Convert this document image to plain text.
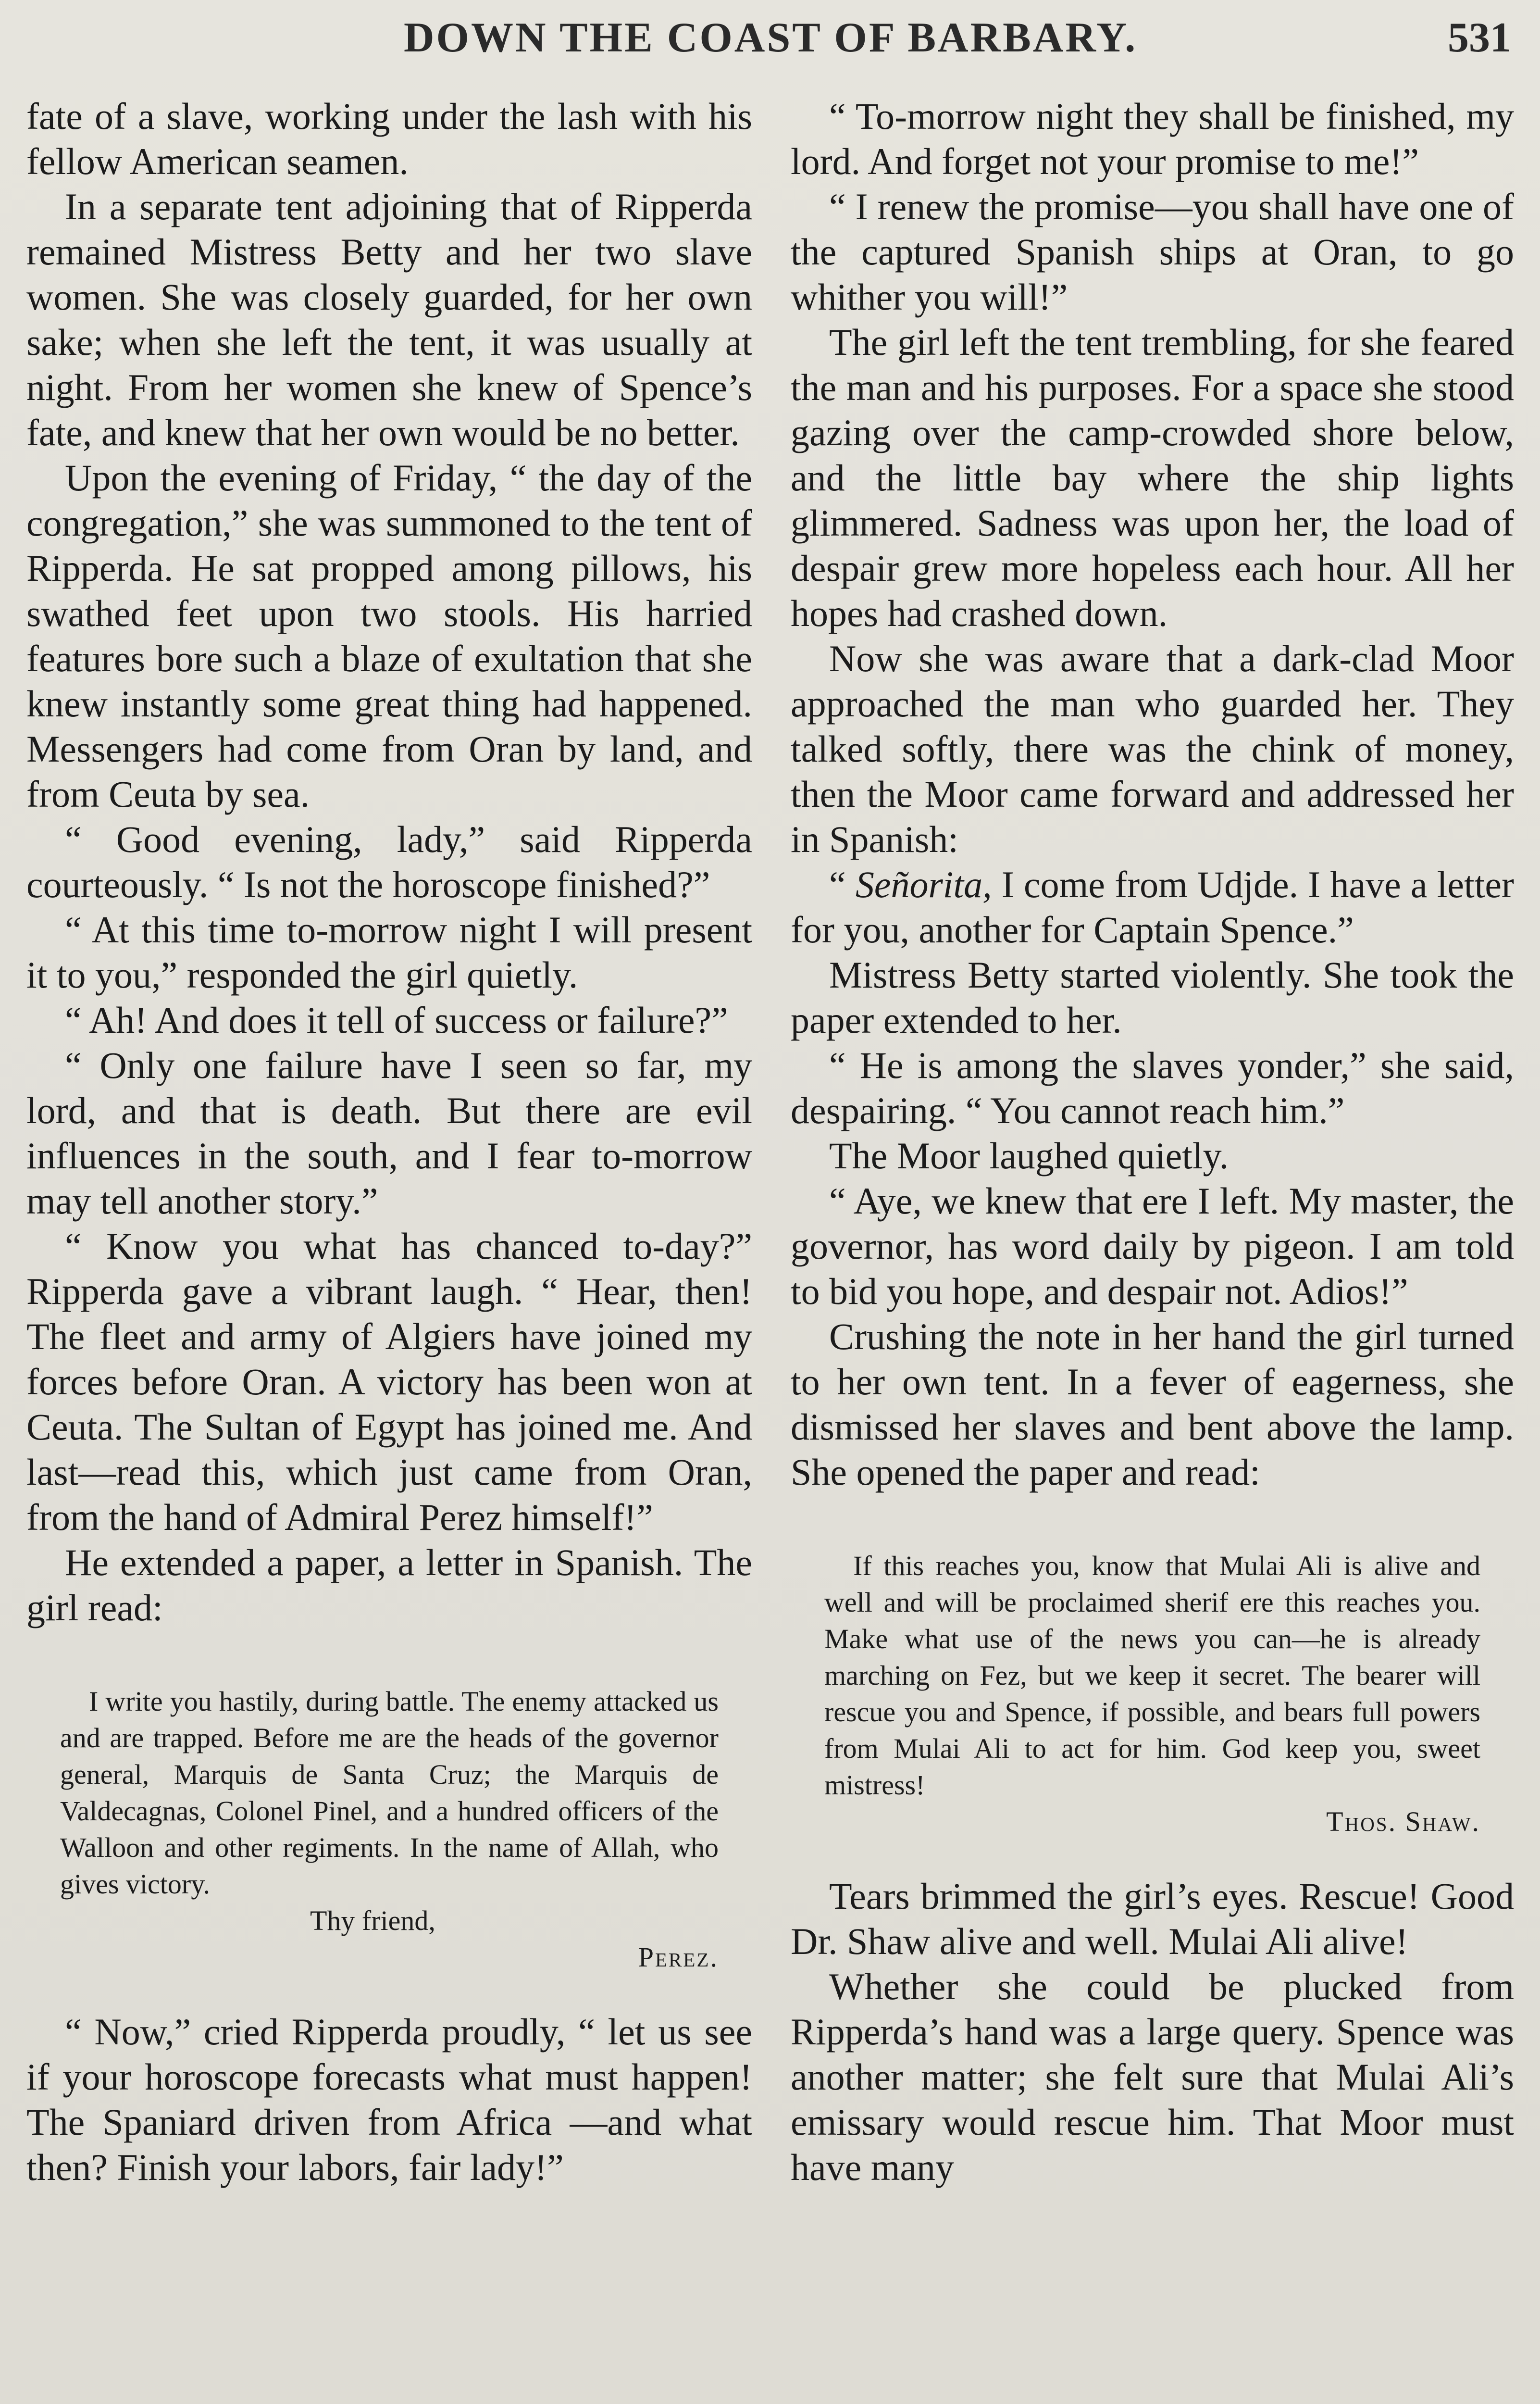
DOWN THE COAST OF BARBARY.	531

fate of a slave, working under the lash with his fellow American seamen.

In a separate tent adjoining that of Ripperda remained Mistress Betty and her two slave women. She was closely guarded, for her own sake; when she left the tent, it was usually at night. From her women she knew of Spence’s fate, and knew that her own would be no better.

Upon the evening of Friday, “ the day of the congregation,” she was summoned to the tent of Ripperda. He sat propped among pillows, his swathed feet upon two stools. His harried features bore such a blaze of exultation that she knew instantly some great thing had happened. Messengers had come from Oran by land, and from Ceuta by sea.

“ Good evening, lady,” said Ripperda courteously. “ Is not the horoscope finished?”

“ At this time to-morrow night I will present it to you,” responded the girl quietly.

“ Ah! And does it tell of success or failure?”

“ Only one failure have I seen so far, my lord, and that is death. But there are evil influences in the south, and I fear to-morrow may tell another story.”

“ Know you what has chanced to-day?” Ripperda gave a vibrant laugh. “ Hear, then! The fleet and army of Algiers have joined my forces before Oran. A victory has been won at Ceuta. The Sultan of Egypt has joined me. And last—read this, which just came from Oran, from the hand of Admiral Perez himself!”

He extended a paper, a letter in Spanish. The girl read:

I write you hastily, during battle. The enemy attacked us and are trapped. Before me are the heads of the governor general, Marquis de Santa Cruz; the Marquis de Valdecagnas, Colonel Pinel, and a hundred officers of the Walloon and other regiments. In the name of Allah, who gives victory.

Thy friend,

Perez.

“ Now,” cried Ripperda proudly, “ let us see if your horoscope forecasts what must happen! The Spaniard driven from Africa —and what then? Finish your labors, fair lady!”

“ To-morrow night they shall be finished, my lord. And forget not your promise to me!”

“ I renew the promise—you shall have one of the captured Spanish ships at Oran, to go whither you will!”

The girl left the tent trembling, for she feared the man and his purposes. For a space she stood gazing over the camp-crowded shore below, and the little bay where the ship lights glimmered. Sadness was upon her, the load of despair grew more hopeless each hour. All her hopes had crashed down.

Now she was aware that a dark-clad Moor approached the man who guarded her. They talked softly, there was the chink of money, then the Moor came forward and addressed her in Spanish:

“ Señorita, I come from Udjde. I have a letter for you, another for Captain Spence.”

Mistress Betty started violently. She took the paper extended to her.

“ He is among the slaves yonder,” she said, despairing. “ You cannot reach him.”

The Moor laughed quietly.

“ Aye, we knew that ere I left. My master, the governor, has word daily by pigeon. I am told to bid you hope, and despair not. Adios!”

Crushing the note in her hand the girl turned to her own tent. In a fever of eagerness, she dismissed her slaves and bent above the lamp. She opened the paper and read:

If this reaches you, know that Mulai Ali is alive and well and will be proclaimed sherif ere this reaches you. Make what use of the news you can—he is already marching on Fez, but we keep it secret. The bearer will rescue you and Spence, if possible, and bears full powers from Mulai Ali to act for him. God keep you, sweet mistress!

Thos. Shaw.

Tears brimmed the girl’s eyes. Rescue! Good Dr. Shaw alive and well. Mulai Ali alive!

Whether she could be plucked from Ripperda’s hand was a large query. Spence was another matter; she felt sure that Mulai Ali’s emissary would rescue him. That Moor must have many
